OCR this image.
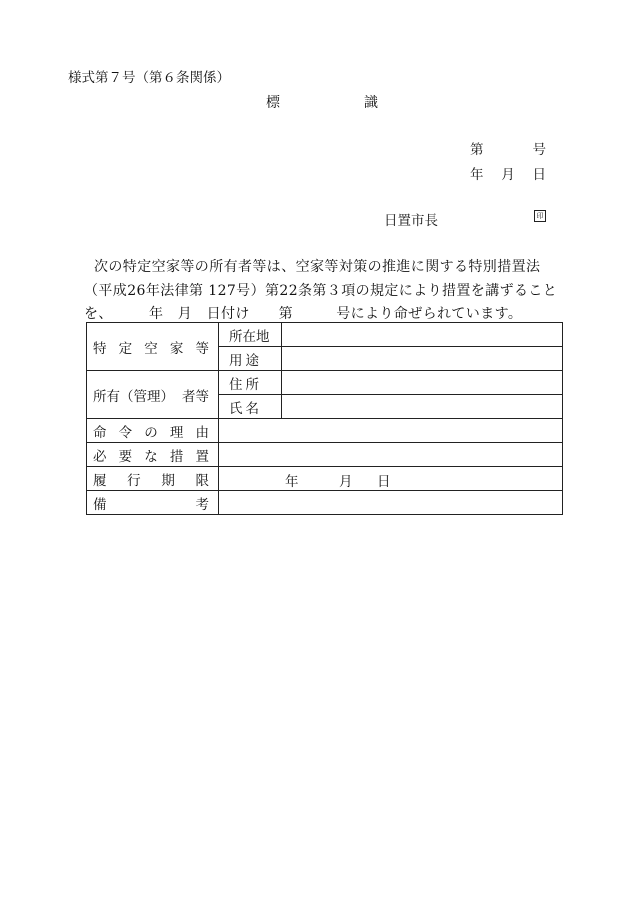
様式第７号（第６条関係）
標	識
第	号
年 月 日
日置市長	印
次の特定空家等の所有者等は、空家等対策の推進に関する特別措置法
（平成26年法律第 127号）第22条第３項の規定により措置を講ずること
を、　　　年　月　日付け　　第　　　号により命ぜられています。
特 定 空 家 等	所在地	

	用 途	

所有（管理） 者等	住 所	

	氏 名	

命 令 の 理 由		

必 要 な 措 置		

履 行 期 限	年 月 日	

備 考		
